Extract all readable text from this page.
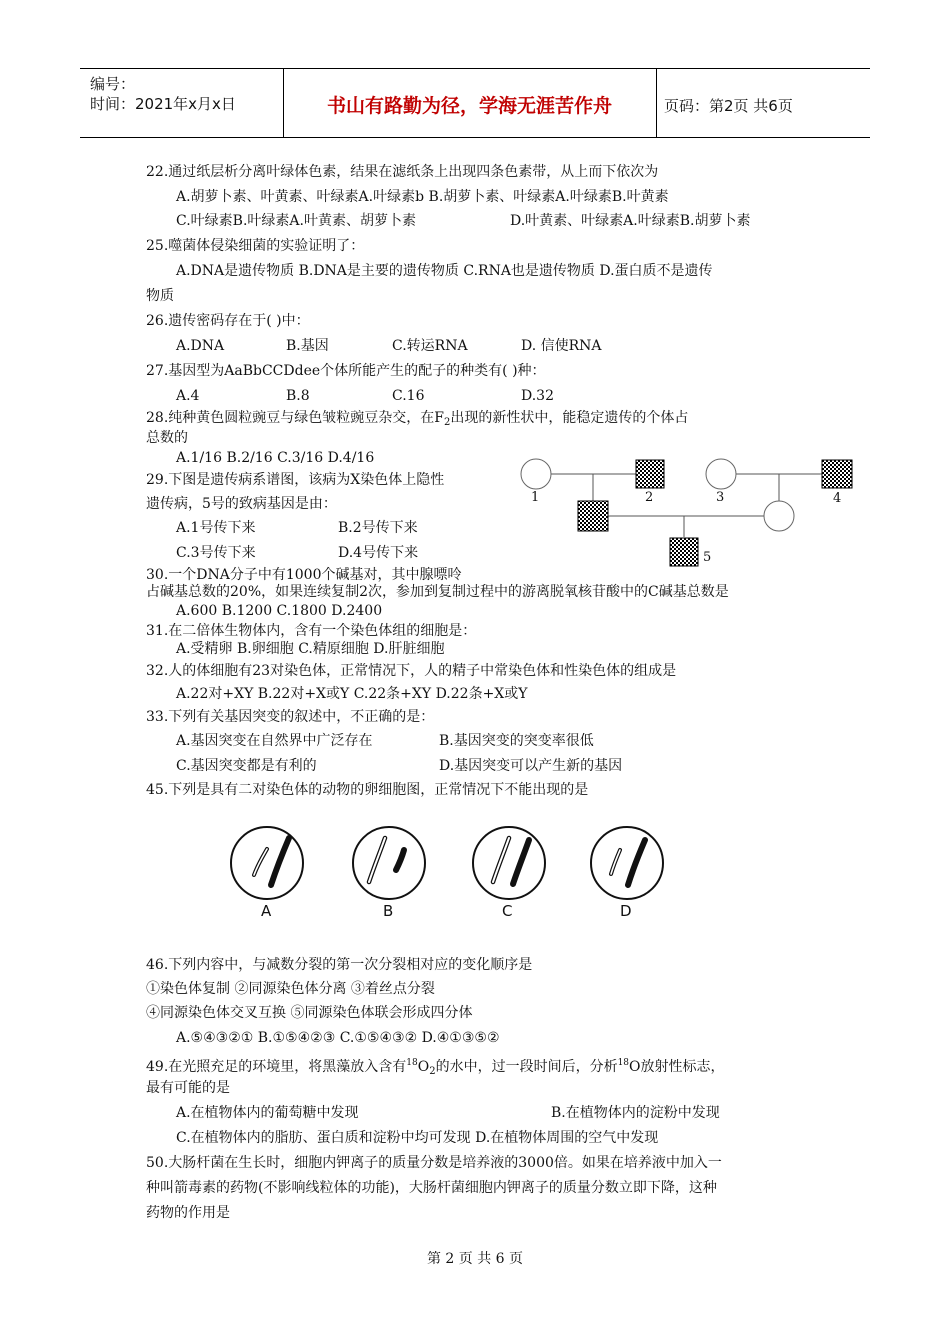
编号：
时间：2021年x月x日	书山有路勤为径，学海无涯苦作舟	页码：第2页 共6页
22.通过纸层析分离叶绿体色素，结果在滤纸条上出现四条色素带，从上而下依次为
A.胡萝卜素、叶黄素、叶绿素A.叶绿素b B.胡萝卜素、叶绿素A.叶绿素B.叶黄素
C.叶绿素B.叶绿素A.叶黄素、胡萝卜素	D.叶黄素、叶绿素A.叶绿素B.胡萝卜素
25.噬菌体侵染细菌的实验证明了：
A.DNA是遗传物质 B.DNA是主要的遗传物质 C.RNA也是遗传物质 D.蛋白质不是遗传
物质
26.遗传密码存在于( )中：
A.DNA	B.基因	C.转运RNA	D. 信使RNA
27.基因型为AaBbCCDdee个体所能产生的配子的种类有( )种：
A.4	B.8	C.16	D.32
28.纯种黄色圆粒豌豆与绿色皱粒豌豆杂交，在$F_2$出现的新性状中，能稳定遗传的个体占
总数的
A.1/16 B.2/16 C.3/16 D.4/16
29.下图是遗传病系谱图，该病为X染色体上隐性
遗传病，5号的致病基因是由：
A.1号传下来	B.2号传下来
C.3号传下来	D.4号传下来
1	2	3	4
5
30.一个DNA分子中有1000个碱基对，其中腺嘌呤
占碱基总数的20%，如果连续复制2次，参加到复制过程中的游离脱氧核苷酸中的C碱基总数是
A.600 B.1200 C.1800 D.2400
31.在二倍体生物体内，含有一个染色体组的细胞是：
A.受精卵 B.卵细胞 C.精原细胞 D.肝脏细胞
32.人的体细胞有23对染色体，正常情况下，人的精子中常染色体和性染色体的组成是
A.22对+XY B.22对+X或Y C.22条+XY D.22条+X或Y
33.下列有关基因突变的叙述中，不正确的是：
A.基因突变在自然界中广泛存在	B.基因突变的突变率很低
C.基因突变都是有利的	D.基因突变可以产生新的基因
45.下列是具有二对染色体的动物的卵细胞图，正常情况下不能出现的是
A	B	C	D
46.下列内容中，与减数分裂的第一次分裂相对应的变化顺序是
①染色体复制 ②同源染色体分离 ③着丝点分裂
④同源染色体交叉互换 ⑤同源染色体联会形成四分体
A.⑤④③②① B.①⑤④②③ C.①⑤④③② D.④①③⑤②
49.在光照充足的环境里，将黑藻放入含有$^{18}O_2$的水中，过一段时间后，分析$^{18}$O放射性标志，
最有可能的是
A.在植物体内的葡萄糖中发现	B.在植物体内的淀粉中发现
C.在植物体内的脂肪、蛋白质和淀粉中均可发现 D.在植物体周围的空气中发现
50.大肠杆菌在生长时，细胞内钾离子的质量分数是培养液的3000倍。如果在培养液中加入一
种叫箭毒素的药物(不影响线粒体的功能)，大肠杆菌细胞内钾离子的质量分数立即下降，这种
药物的作用是
第 2 页 共 6 页
